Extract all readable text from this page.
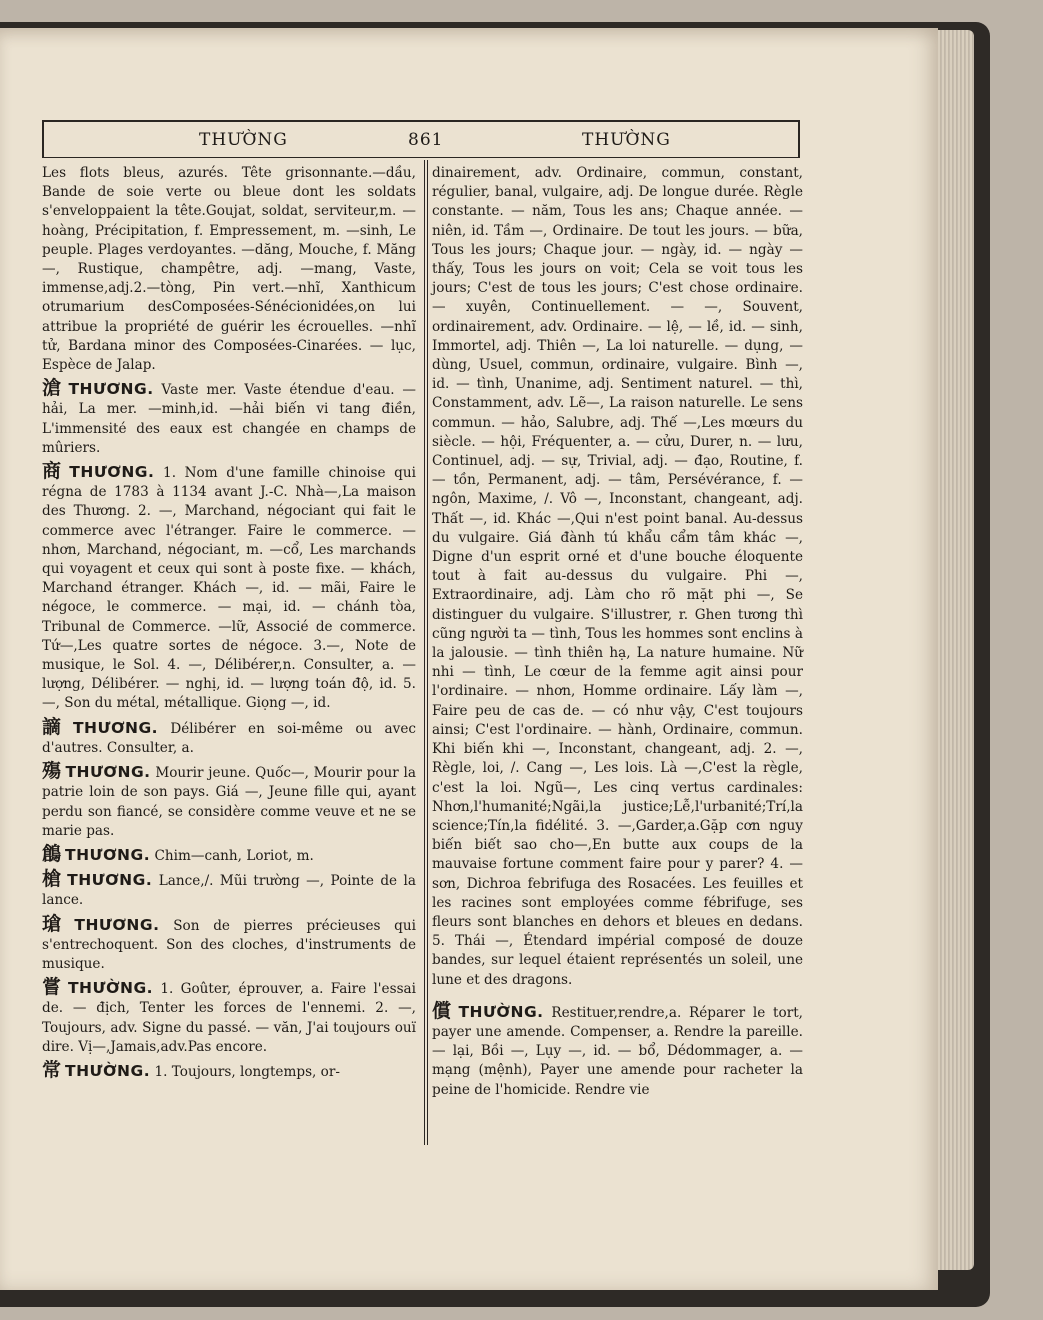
THƯỜNG	861	THƯỜNG

Les flots bleus, azurés. Tête grisonnante.—dầu, Bande de soie verte ou bleue dont les soldats s'enveloppaient la tête.Goujat, soldat, serviteur,m. —hoàng, Précipitation, f. Empressement, m. —sinh, Le peuple. Plages verdoyantes. —dăng, Mouche, f. Măng —, Rustique, champêtre, adj. —mang, Vaste, immense,adj.2.—tòng, Pin vert.—nhĩ, Xanthicum otrumarium desComposées-Sénécionidées,on lui attribue la propriété de guérir les écrouelles. —nhĩ tử, Bardana minor des Composées-Cinarées. — lục, Espèce de Jalap.

滄 THƯƠNG. Vaste mer. Vaste étendue d'eau. — hải, La mer. —minh,id. —hải biến vi tang điền, L'immensité des eaux est changée en champs de mûriers.

商 THƯƠNG. 1. Nom d'une famille chinoise qui régna de 1783 à 1134 avant J.-C. Nhà—,La maison des Thương. 2. —, Marchand, négociant qui fait le commerce avec l'étranger. Faire le commerce. —nhơn, Marchand, négociant, m. —cổ, Les marchands qui voyagent et ceux qui sont à poste fixe. — khách, Marchand étranger. Khách —, id. — mãi, Faire le négoce, le commerce. — mại, id. — chánh tòa, Tribunal de Commerce. —lữ, Associé de commerce. Tứ—,Les quatre sortes de négoce. 3.—, Note de musique, le Sol. 4. —, Délibérer,n. Consulter, a. — lượng, Délibérer. — nghị, id. — lượng toán độ, id. 5. —, Son du métal, métallique. Giọng —, id.

謫 THƯƠNG. Délibérer en soi-même ou avec d'autres. Consulter, a.

殤 THƯƠNG. Mourir jeune. Quốc—, Mourir pour la patrie loin de son pays. Giá —, Jeune fille qui, ayant perdu son fiancé, se considère comme veuve et ne se marie pas.

鶬 THƯƠNG. Chim—canh, Loriot, m.

槍 THƯƠNG. Lance,/. Mũi trường —, Pointe de la lance.

瑲 THƯƠNG. Son de pierres précieuses qui s'entrechoquent. Son des cloches, d'instruments de musique.

嘗 THƯỜNG. 1. Goûter, éprouver, a. Faire l'essai de. — địch, Tenter les forces de l'ennemi. 2. —, Toujours, adv. Signe du passé. — văn, J'ai toujours ouï dire. Vị—,Jamais,adv.Pas encore.

常 THƯỜNG. 1. Toujours, longtemps, or-

dinairement, adv. Ordinaire, commun, constant, régulier, banal, vulgaire, adj. De longue durée. Règle constante. — năm, Tous les ans; Chaque année. — niên, id. Tầm —, Ordinaire. De tout les jours. — bữa, Tous les jours; Chaque jour. — ngày, id. — ngày — thấy, Tous les jours on voit; Cela se voit tous les jours; C'est de tous les jours; C'est chose ordinaire. — xuyên, Continuellement. — —, Souvent, ordinairement, adv. Ordinaire. — lệ, — lề, id. — sinh, Immortel, adj. Thiên —, La loi naturelle. — dụng, — dùng, Usuel, commun, ordinaire, vulgaire. Bình —, id. — tình, Unanime, adj. Sentiment naturel. — thì, Constamment, adv. Lẽ—, La raison naturelle. Le sens commun. — hảo, Salubre, adj. Thế —,Les mœurs du siècle. — hội, Fréquenter, a. — cửu, Durer, n. — lưu, Continuel, adj. — sự, Trivial, adj. — đạo, Routine, f. — tồn, Permanent, adj. — tâm, Persévérance, f. — ngôn, Maxime, /. Vô —, Inconstant, changeant, adj. Thất —, id. Khác —,Qui n'est point banal. Au-dessus du vulgaire. Giá đành tú khẩu cẩm tâm khác —, Digne d'un esprit orné et d'une bouche éloquente tout à fait au-dessus du vulgaire. Phi —, Extraordinaire, adj. Làm cho rõ mặt phi —, Se distinguer du vulgaire. S'illustrer, r. Ghen tương thì cũng người ta — tình, Tous les hommes sont enclins à la jalousie. — tình thiên hạ, La nature humaine. Nữ nhi — tình, Le cœur de la femme agit ainsi pour l'ordinaire. — nhơn, Homme ordinaire. Lấy làm —, Faire peu de cas de. — có như vậy, C'est toujours ainsi; C'est l'ordinaire. — hành, Ordinaire, commun. Khi biến khi —, Inconstant, changeant, adj. 2. —, Règle, loi, /. Cang —, Les lois. Là —,C'est la règle, c'est la loi. Ngũ—, Les cinq vertus cardinales: Nhơn,l'humanité;Ngãi,la justice;Lễ,l'urbanité;Trí,la science;Tín,la fidélité. 3. —,Garder,a.Gặp cơn nguy biến biết sao cho—,En butte aux coups de la mauvaise fortune comment faire pour y parer? 4. — sơn, Dichroa febrifuga des Rosacées. Les feuilles et les racines sont employées comme fébrifuge, ses fleurs sont blanches en dehors et bleues en dedans. 5. Thái —, Étendard impérial composé de douze bandes, sur lequel étaient représentés un soleil, une lune et des dragons.

償 THƯỜNG. Restituer,rendre,a. Réparer le tort, payer une amende. Compenser, a. Rendre la pareille. — lại, Bồi —, Lụy —, id. — bổ, Dédommager, a. — mạng (mệnh), Payer une amende pour racheter la peine de l'homicide. Rendre vie
